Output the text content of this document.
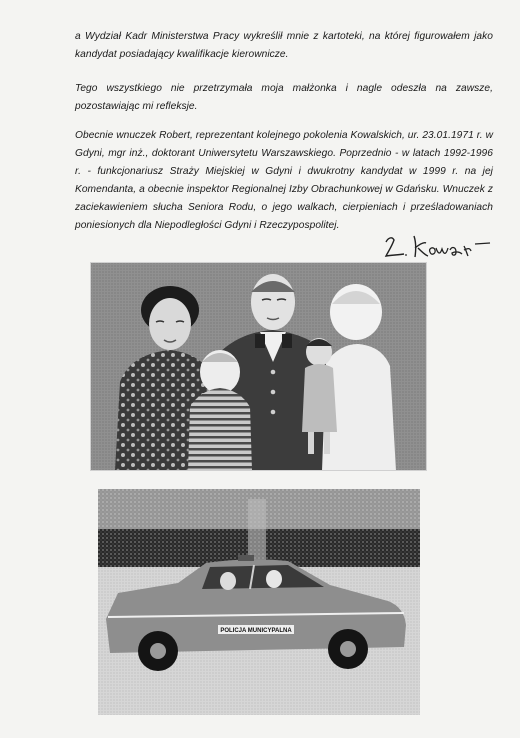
a Wydział Kadr Ministerstwa Pracy wykreślił mnie z kartoteki, na której figurowałem jako kandydat posiadający kwalifikacje kierownicze.

Tego wszystkiego nie przetrzymała moja małżonka i nagle odeszła na zawsze, pozostawiając mi refleksje.

Obecnie wnuczek Robert, reprezentant kolejnego pokolenia Kowalskich, ur. 23.01.1971 r. w Gdyni, mgr inż., doktorant Uniwersytetu Warszawskiego. Poprzednio - w latach 1992-1996 r. - funkcjonariusz Straży Miejskiej w Gdyni i dwukrotny kandydat w 1999 r. na jej Komendanta, a obecnie inspektor Regionalnej Izby Obrachunkowej w Gdańsku. Wnuczek z zaciekawieniem słucha Seniora Rodu, o jego walkach, cierpieniach i prześladowaniach poniesionych dla Niepodległości Gdyni i Rzeczypospolitej.

POLICJA MUNICYPALNA
